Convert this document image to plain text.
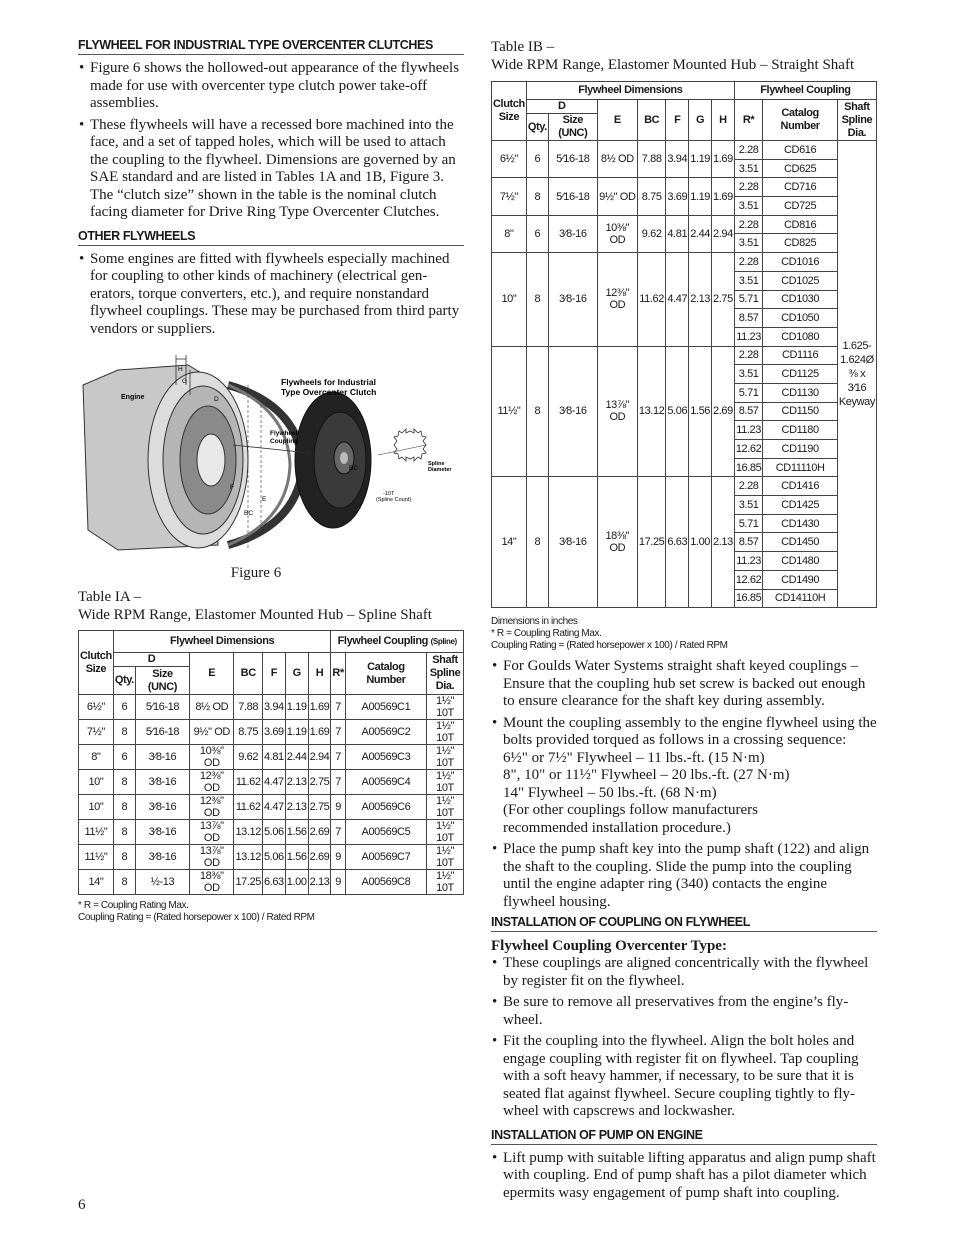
FLYWHEEL FOR INDUSTRIAL TYPE OVERCENTER CLUTCHES
• Figure 6 shows the hollowed-out appearance of the flywheels made for use with overcenter type clutch power take-off assemblies.
• These flywheels will have a recessed bore machined into the face, and a set of tapped holes, which will be used to attach the coupling to the flywheel. Dimensions are governed by an SAE standard and are listed in Tables 1A and 1B, Figure 3. The “clutch size” shown in the table is the nominal clutch facing diameter for Drive Ring Type Overcenter Clutches.
OTHER FLYWHEELS
• Some engines are fitted with flywheels especially machined for coupling to other kinds of machinery (electrical generators, torque converters, etc.), and require nonstandard flywheel couplings. These may be purchased from third party vendors or suppliers.
Flywheels for Industrial
Type Overcenter Clutch
Engine
Flywheel
Coupling
H
G
D
F
E
BC
BC
Spline
Diameter
-10T
(Spline Count)
Figure 6

Table IA –

Wide RPM Range, Elastomer Mounted Hub – Spline Shaft

Clutch Size	Flywheel Dimensions							Flywheel Coupling (Spline)		
	D		E	BC	F	G	H	R*	Catalog Number	Shaft Spline Dia.
	Qty.	Size (UNC)								
6½"	6	5⁄16-18	8½ OD	7.88	3.94	1.19	1.69	7	A00569C1	1½" 10T
7½"	8	5⁄16-18	9½" OD	8.75	3.69	1.19	1.69	7	A00569C2	1½" 10T
8"	6	3⁄8-16	10⅜" OD	9.62	4.81	2.44	2.94	7	A00569C3	1½" 10T
10"	8	3⁄8-16	12⅜" OD	11.62	4.47	2.13	2.75	7	A00569C4	1½" 10T
10"	8	3⁄8-16	12⅜" OD	11.62	4.47	2.13	2.75	9	A00569C6	1½" 10T
11½"	8	3⁄8-16	13⅞" OD	13.12	5.06	1.56	2.69	7	A00569C5	1½" 10T
11½"	8	3⁄8-16	13⅞" OD	13.12	5.06	1.56	2.69	9	A00569C7	1½" 10T
14"	8	½-13	18⅜" OD	17.25	6.63	1.00	2.13	9	A00569C8	1½" 10T
* R = Coupling Rating Max.
Coupling Rating = (Rated horsepower x 100) / Rated RPM

Table IB –

Wide RPM Range, Elastomer Mounted Hub – Straight Shaft

Clutch Size	Flywheel Dimensions							Flywheel Coupling		
	D		E	BC	F	G	H	R*	Catalog Number	Shaft Spline Dia.
	Qty.	Size (UNC)								
6½"	6	5⁄16-18	8½ OD	7.88	3.94	1.19	1.69	2.28	CD616	1.625-
1.624Ø
⅜ x 3⁄16
Keyway

								3.51	CD625	
7½"	8	5⁄16-18	9½" OD	8.75	3.69	1.19	1.69	2.28	CD716	
								3.51	CD725	
8"	6	3⁄8-16	10⅜" OD	9.62	4.81	2.44	2.94	2.28	CD816	
								3.51	CD825	
10"	8	3⁄8-16	12⅜" OD	11.62	4.47	2.13	2.75	2.28	CD1016	
								3.51	CD1025	
								5.71	CD1030	
								8.57	CD1050	
								11.23	CD1080	
11½"	8	3⁄8-16	13⅞" OD	13.12	5.06	1.56	2.69	2.28	CD1116	
								3.51	CD1125	
								5.71	CD1130	
								8.57	CD1150	
								11.23	CD1180	
								12.62	CD1190	
								16.85	CD11110H	
14"	8	3⁄8-16	18⅜" OD	17.25	6.63	1.00	2.13	2.28	CD1416	
								3.51	CD1425	
								5.71	CD1430	
								8.57	CD1450	
								11.23	CD1480	
								12.62	CD1490	
								16.85	CD14110H	
Dimensions in inches
* R = Coupling Rating Max.
Coupling Rating = (Rated horsepower x 100) / Rated RPM
• For Goulds Water Systems straight shaft keyed couplings – Ensure that the coupling hub set screw is backed out enough to ensure clearance for the shaft key during assembly.
• Mount the coupling assembly to the engine flywheel using the bolts provided torqued as follows in a crossing sequence:
6½" or 7½" Flywheel – 11 lbs.-ft. (15 N·m)
8", 10" or 11½" Flywheel – 20 lbs.-ft. (27 N·m)
14" Flywheel – 50 lbs.-ft. (68 N·m)
(For other couplings follow manufacturers
recommended installation procedure.)
• Place the pump shaft key into the pump shaft (122) and align the shaft to the coupling. Slide the pump into the coupling until the engine adapter ring (340) contacts the engine flywheel housing.
INSTALLATION OF COUPLING ON FLYWHEEL
Flywheel Coupling Overcenter Type:
• These couplings are aligned concentrically with the flywheel by register fit on the flywheel.
• Be sure to remove all preservatives from the engine’s flywheel.
• Fit the coupling into the flywheel. Align the bolt holes and engage coupling with register fit on flywheel. Tap coupling with a soft heavy hammer, if necessary, to be sure that it is seated flat against flywheel. Secure coupling tightly to flywheel with capscrews and lockwasher.
INSTALLATION OF PUMP ON ENGINE
• Lift pump with suitable lifting apparatus and align pump shaft with coupling. End of pump shaft has a pilot diameter which epermits wasy engagement of pump shaft into coupling.
6
